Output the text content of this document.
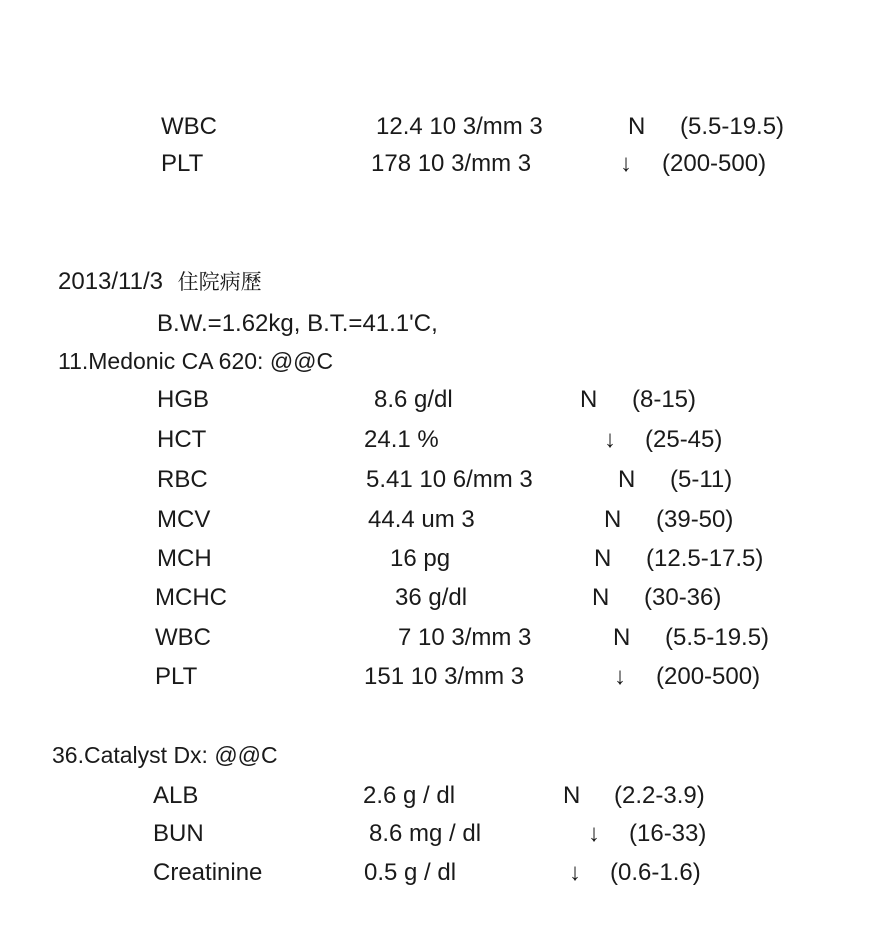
WBC	12.4 10 3/mm 3	N (5.5-19.5)
PLT	178 10 3/mm 3	↓ (200-500)
2013/11/3 住院病歷
B.W.=1.62kg, B.T.=41.1'C,
11.Medonic CA 620: @@C
HGB	8.6 g/dl	N (8-15)
HCT	24.1 %	↓ (25-45)
RBC	5.41 10 6/mm 3	N (5-11)
MCV	44.4 um 3	N (39-50)
MCH	16 pg	N (12.5-17.5)
MCHC	36 g/dl	N (30-36)
WBC	7 10 3/mm 3	N (5.5-19.5)
PLT	151 10 3/mm 3	↓ (200-500)
36.Catalyst Dx: @@C
ALB	2.6 g / dl	N (2.2-3.9)
BUN	8.6 mg / dl	↓ (16-33)
Creatinine	0.5 g / dl	↓ (0.6-1.6)
